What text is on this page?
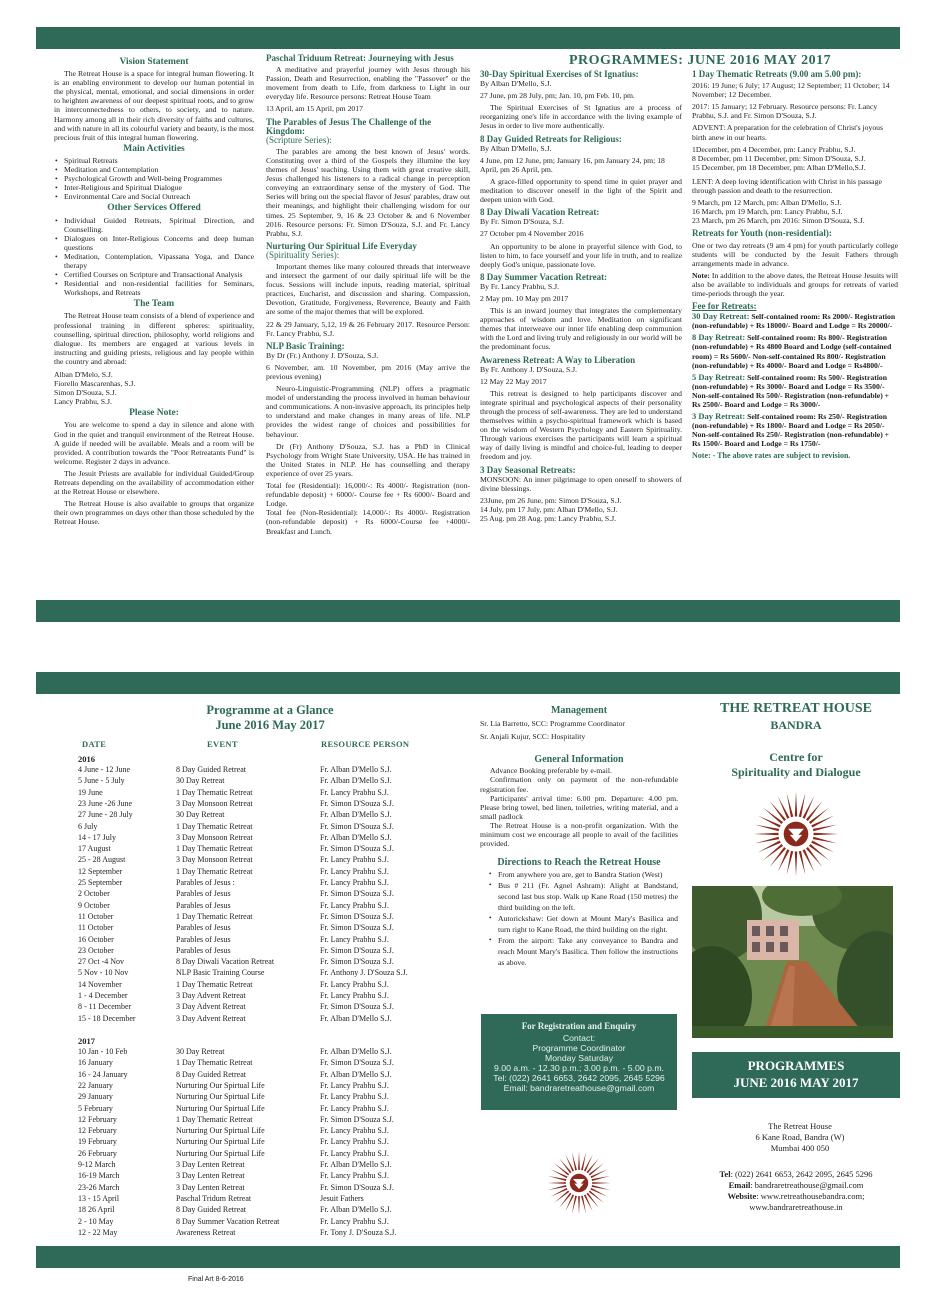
Vision Statement

The Retreat House is a space for integral human flowering. It is an enabling environment to develop our human potential in the physical, mental, emotional, and social dimensions in order to heighten awareness of our deepest spiritual roots, and to grow in interconnectedness to others, to society, and to nature. Harmony among all in their rich diversity of faiths and cultures, and with nature in all its colourful variety and beauty, is the most precious fruit of this integral human flowering.

Main Activities
• Spiritual Retreats
• Meditation and Contemplation
• Psychological Growth and Well-being Programmes
• Inter-Religious and Spiritual Dialogue
• Environmental Care and Social Outreach
Other Services Offered
• Individual Guided Retreats, Spiritual Direction, and Counselling.
• Dialogues on Inter-Religious Concerns and deep human questions
• Meditation, Contemplation, Vipassana Yoga, and Dance therapy
• Certified Courses on Scripture and Transactional Analysis
• Residential and non-residential facilities for Seminars, Workshops, and Retreats
The Team

The Retreat House team consists of a blend of experience and professional training in different spheres: spirituality, counselling, spiritual direction, philosophy, world religions and dialogue. Its members are engaged at various levels in instructing and guiding priests, religious and lay people within the country and abroad:

Alban D'Melo, S.J.
Fiorello Mascarenhas, S.J.
Simon D'Souza, S.J.
Lancy Prabhu, S.J.
Please Note:

You are welcome to spend a day in silence and alone with God in the quiet and tranquil environment of the Retreat House. A guide if needed will be available. Meals and a room will be provided. A contribution towards the "Poor Retreatants Fund" is welcome. Register 2 days in advance.

The Jesuit Priests are available for individual Guided/Group Retreats depending on the availability of accommodation either at the Retreat House or elsewhere.

The Retreat House is also available to groups that organize their own programmes on days other than those scheduled by the Retreat House.

Paschal Triduum Retreat: Journeying with Jesus

A meditative and prayerful journey with Jesus through his Passion, Death and Resurrection, enabling the "Passover" or the movement from death to Life, from darkness to Light in our everyday life. Resource persons: Retreat House Team

13 April, am 15 April, pm 2017

The Parables of Jesus The Challenge of the Kingdom:
(Scripture Series):

The parables are among the best known of Jesus' words. Constituting over a third of the Gospels they illumine the key themes of Jesus' teaching. Using them with great creative skill, Jesus challenged his listeners to a radical change in perception conveying an extraordinary sense of the mystery of God. The Series will bring out the special flavor of Jesus' parables, draw out their meanings, and highlight their challenging wisdom for our times. 25 September, 9, 16 & 23 October & and 6 November 2016. Resource persons: Fr. Simon D'Souza, S.J. and Fr. Lancy Prabhu, S.J.

Nurturing Our Spiritual Life Everyday
(Spirituality Series):

Important themes like many coloured threads that interweave and intersect the garment of our daily spiritual life will be the focus. Sessions will include inputs, reading material, spiritual practices, Eucharist, and discussion and sharing. Compassion, Devotion, Gratitude, Forgiveness, Reverence, Beauty and Faith are some of the major themes that will be explored.

22 & 29 January, 5,12, 19 & 26 February 2017. Resource Person: Fr. Lancy Prabhu, S.J.

NLP Basic Training:

By Dr (Fr.) Anthony J. D'Souza, S.J.

6 November, am. 10 November, pm 2016 (May arrive the previous evening)

Neuro-Linguistic-Programming (NLP) offers a pragmatic model of understanding the process involved in human behaviour and communications. A non-invasive approach, its principles help to understand and make changes in many areas of life. NLP provides the widest range of choices and possibilities for behaviour.

Dr (Fr) Anthony D'Souza, S.J. has a PhD in Clinical Psychology from Wright State University, USA. He has trained in the United States in NLP. He has counselling and therapy experience of over 25 years.

Total fee (Residential): 16,000/-: Rs 4000/- Registration (non-refundable deposit) + 6000/- Course fee + Rs 6000/- Board and Lodge.

Total fee (Non-Residential): 14,000/-: Rs 4000/- Registration (non-refundable deposit) + Rs 6000/-Course fee +4000/- Breakfast and Lunch.

PROGRAMMES: JUNE 2016 MAY 2017
30-Day Spiritual Exercises of St Ignatius:

By Alban D'Mello, S.J.

27 June, pm 28 July, pm; Jan. 10, pm Feb. 10, pm.

The Spiritual Exercises of St Ignatius are a process of reorganizing one's life in accordance with the living example of Jesus in order to live more authentically.

8 Day Guided Retreats for Religious:

By Alban D'Mello, S.J.

4 June, pm 12 June, pm; January 16, pm January 24, pm; 18 April, pm 26 April, pm.

A grace-filled opportunity to spend time in quiet prayer and meditation to discover oneself in the light of the Spirit and deepen union with God.

8 Day Diwali Vacation Retreat:

By Fr. Simon D'Souza, S.J.

27 October pm 4 November 2016

An opportunity to be alone in prayerful silence with God, to listen to him, to face yourself and your life in truth, and to realize deeply God's unique, passionate love.

8 Day Summer Vacation Retreat:

By Fr. Lancy Prabhu, S.J.

2 May pm. 10 May pm 2017

This is an inward journey that integrates the complementary approaches of wisdom and love. Meditation on significant themes that interweave our inner life enabling deep communion with the Lord and living truly and religiously in our world will be the predominant focus.

Awareness Retreat: A Way to Liberation

By Fr. Anthony J. D'Souza, S.J.

12 May 22 May 2017

This retreat is designed to help participants discover and integrate spiritual and psychological aspects of their personality through the process of self-awareness. They are led to understand themselves within a psycho-spiritual framework which is based on the wisdom of Western Psychology and Eastern Spirituality. Through various exercises the participants will learn a spiritual way of daily living is mindful and choice-ful, leading to deeper freedom and joy.

3 Day Seasonal Retreats:

MONSOON: An inner pilgrimage to open oneself to showers of divine blessings.

23June, pm 26 June, pm: Simon D'Souza, S.J.
14 July, pm 17 July, pm: Alban D'Mello, S.J.
25 Aug. pm 28 Aug. pm: Lancy Prabhu, S.J.
1 Day Thematic Retreats (9.00 am 5.00 pm):

2016: 19 June; 6 July; 17 August; 12 September; 11 October; 14 November; 12 December.

2017: 15 January; 12 February. Resource persons: Fr. Lancy Prabhu, S.J. and Fr. Simon D'Souza, S.J.

ADVENT: A preparation for the celebration of Christ's joyous birth anew in our hearts.

1December, pm 4 December, pm: Lancy Prabhu, S.J.
8 December, pm 11 December, pm: Simon D'Souza, S.J.
15 December, pm 18 December, pm: Alban D'Mello,S.J.

LENT: A deep loving identification with Christ in his passage through passion and death to the resurrection.

9 March, pm 12 March, pm: Alban D'Mello, S.J.
16 March, pm 19 March, pm: Lancy Prabhu, S.J.
23 March, pm 26 March, pm 2016: Simon D'Souza, S.J.
Retreats for Youth (non-residential):

One or two day retreats (9 am 4 pm) for youth particularly college students will be conducted by the Jesuit Fathers through arrangements made in advance.

Note: In addition to the above dates, the Retreat House Jesuits will also be available to individuals and groups for retreats of varied time-periods through the year.

Fee for Retreats:

30 Day Retreat: Self-contained room: Rs 2000/- Registration (non-refundable) + Rs 18000/- Board and Lodge = Rs 20000/-

8 Day Retreat: Self-contained room: Rs 800/- Registration (non-refundable) + Rs 4800 Board and Lodge (self-contained room) = Rs 5600/- Non-self-contained Rs 800/- Registration (non-refundable) + Rs 4000/- Board and Lodge = Rs4800/-

5 Day Retreat: Self-contained room: Rs 500/- Registration (non-refundable) + Rs 3000/- Board and Lodge = Rs 3500/- Non-self-contained Rs 500/- Registration (non-refundable) + Rs 2500/- Board and Lodge = Rs 3000/-

3 Day Retreat: Self-contained room: Rs 250/- Registration (non-refundable) + Rs 1800/- Board and Lodge = Rs 2050/- Non-self-contained Rs 250/- Registration (non-refundable) + Rs 1500/- Board and Lodge = Rs 1750/-

Note: - The above rates are subject to revision.
Programme at a Glance
June 2016 May 2017
DATE	EVENT	RESOURCE PERSON
2016
4 June - 12 June	8 Day Guided Retreat	Fr. Alban D'Mello S.J.
5 June - 5 July	30 Day Retreat	Fr. Alban D'Mello S.J.
19 June	1 Day Thematic Retreat	Fr. Lancy Prabhu S.J.
23 June -26 June	3 Day Monsoon Retreat	Fr. Simon D'Souza S.J.
27 June - 28 July	30 Day Retreat	Fr. Alban D'Mello S.J.
6 July	1 Day Thematic Retreat	Fr. Simon D'Souza S.J.
14 - 17 July	3 Day Monsoon Retreat	Fr. Alban D'Mello S.J.
17 August	1 Day Thematic Retreat	Fr. Simon D'Souza S.J.
25 - 28 August	3 Day Monsoon Retreat	Fr. Lancy Prabhu S.J.
12 September	1 Day Thematic Retreat	Fr. Lancy Prabhu S.J.
25 September	Parables of Jesus :	Fr. Lancy Prabhu S.J.
2 October	Parables of Jesus	Fr. Simon D'Souza S.J.
9 October	Parables of Jesus	Fr. Lancy Prabhu S.J.
11 October	1 Day Thematic Retreat	Fr. Simon D'Souza S.J.
11 October	Parables of Jesus	Fr. Simon D'Souza S.J.
16 October	Parables of Jesus	Fr. Lancy Prabhu S.J.
23 October	Parables of Jesus	Fr. Simon D'Souza S.J.
27 Oct -4 Nov	8 Day Diwali Vacation Retreat	Fr. Simon D'Souza S.J.
5 Nov - 10 Nov	NLP Basic Training Course	Fr. Anthony J. D'Souza S.J.
14 November	1 Day Thematic Retreat	Fr. Lancy Prabhu S.J.
1 - 4 December	3 Day Advent Retreat	Fr. Lancy Prabhu S.J.
8 - 11 December	3 Day Advent Retreat	Fr. Simon D'Souza S.J.
15 - 18 December	3 Day Advent Retreat	Fr. Alban D'Mello S.J.
2017
10 Jan - 10 Feb	30 Day Retreat	Fr. Alban D'Mello S.J.
16 January	1 Day Thematic Retreat	Fr. Simon D'Souza S.J.
16 - 24 January	8 Day Guided Retreat	Fr. Alban D'Mello S.J.
22 January	Nurturing Our Spirtual Life	Fr. Lancy Prabhu S.J.
29 January	Nurturing Our Spirtual Life	Fr. Lancy Prabhu S.J.
5 February	Nurturing Our Spirtual Life	Fr. Lancy Prabhu S.J.
12 February	1 Day Thematic Retreat	Fr. Simon D'Souza S.J.
12 February	Nurturing Our Spirtual Life	Fr. Lancy Prabhu S.J.
19 February	Nurturing Our Spirtual Life	Fr. Lancy Prabhu S.J.
26 February	Nurturing Our Spirtual Life	Fr. Lancy Prabhu S.J.
9-12 March	3 Day Lenten Retreat	Fr. Alban D'Mello S.J.
16-19 March	3 Day Lenten Retreat	Fr. Lancy Prabhu S.J.
23-26 March	3 Day Lenten Retreat	Fr. Simon D'Souza S.J.
13 - 15 April	Paschal Tridum Retreat	Jesuit Fathers
18 26 April	8 Day Guided Retreat	Fr. Alban D'Mello S.J.
2 - 10 May	8 Day Summer Vacation Retreat	Fr. Lancy Prabhu S.J.
12 - 22 May	Awareness Retreat	Fr. Tony J. D'Souza S.J.
Management
Sr. Lia Barretto, SCC: Programme Coordinator
Sr. Anjali Kujur, SCC: Hospitality
General Information

Advance Booking preferable by e-mail.

Confirmation only on payment of the non-refundable registration fee.

Participants' arrival time: 6.00 pm. Departure: 4.00 pm. Please bring towel, bed linen, toiletries, writing material, and a small padlock

The Retreat House is a non-profit organization. With the minimum cost we encourage all people to avail of the facilities provided.

Directions to Reach the Retreat House
• From anywhere you are, get to Bandra Station (West)
• Bus # 211 (Fr. Agnel Ashram): Alight at Bandstand, second last bus stop. Walk up Kane Road (150 metres) the third building on the left.
• Autorickshaw: Get down at Mount Mary's Basilica and turn right to Kane Road, the third building on the right.
• From the airport: Take any conveyance to Bandra and reach Mount Mary's Basilica. Then follow the instructions as above.
For Registration and Enquiry
Contact:
Programme Coordinator
Monday Saturday
9.00 a.m. - 12.30 p.m.; 3.00 p.m. - 5.00 p.m.
Tel: (022) 2641 6653, 2642 2095, 2645 5296
Email: bandraretreathouse@gmail.com
THE RETREAT HOUSE
BANDRA
Centre for
Spirituality and Dialogue
PROGRAMMES
JUNE 2016 MAY 2017
The Retreat House
6 Kane Road, Bandra (W)
Mumbai 400 050
Tel: (022) 2641 6653, 2642 2095, 2645 5296
Email: bandraretreathouse@gmail.com
Website: www.retreathousebandra.com;
www.bandraretreathouse.in
Final Art 8-6-2016
